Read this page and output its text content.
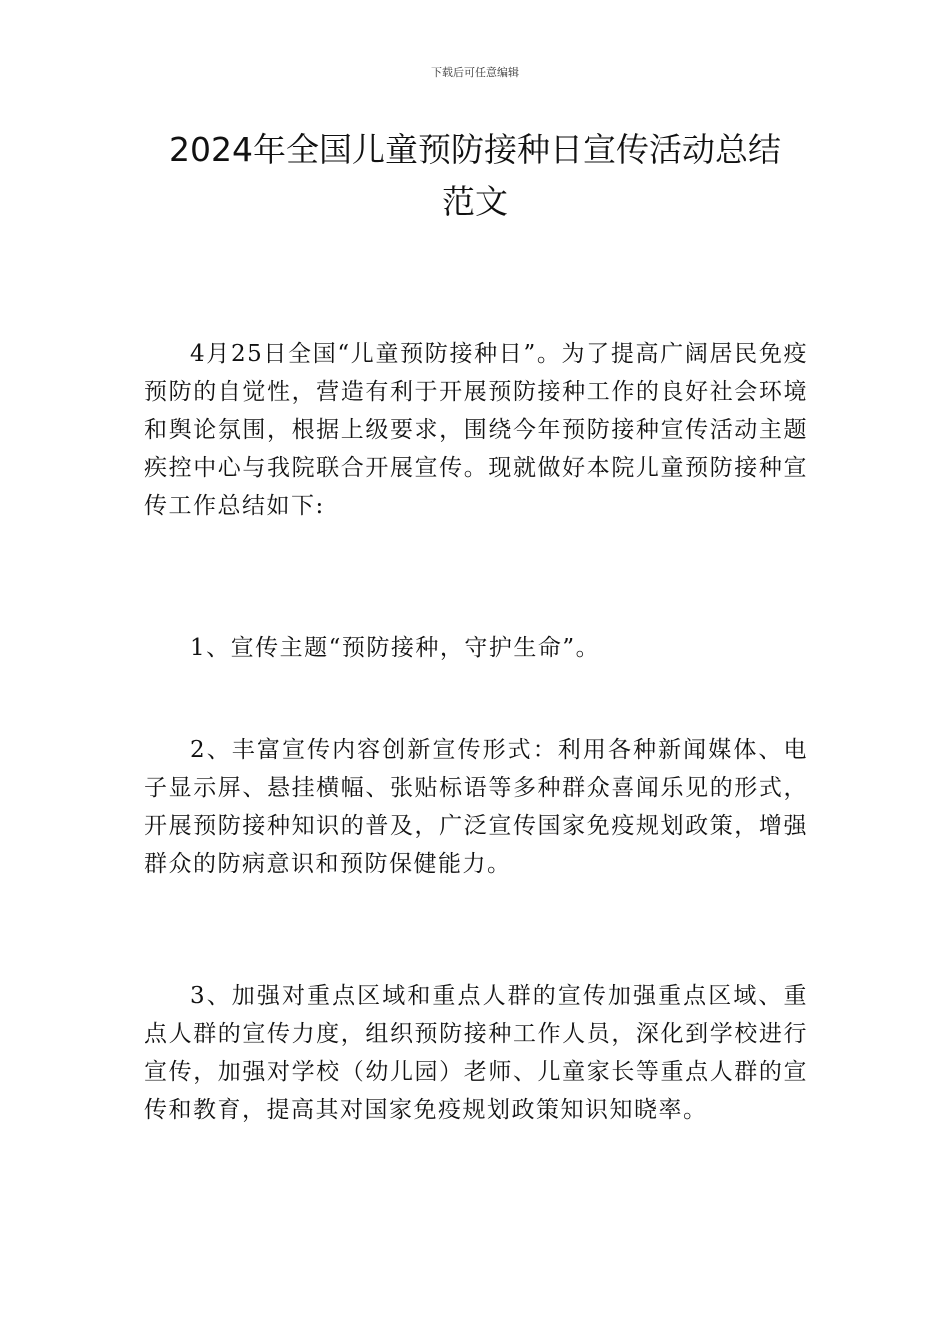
下载后可任意编辑
2024年全国儿童预防接种日宣传活动总结
范文

4月25日全国“儿童预防接种日”。为了提高广阔居民免疫预防的自觉性，营造有利于开展预防接种工作的良好社会环境和舆论氛围，根据上级要求，围绕今年预防接种宣传活动主题疾控中心与我院联合开展宣传。现就做好本院儿童预防接种宣传工作总结如下:

1、宣传主题“预防接种，守护生命”。

2、丰富宣传内容创新宣传形式：利用各种新闻媒体、电子显示屏、悬挂横幅、张贴标语等多种群众喜闻乐见的形式，开展预防接种知识的普及，广泛宣传国家免疫规划政策，增强群众的防病意识和预防保健能力。

3、加强对重点区域和重点人群的宣传加强重点区域、重点人群的宣传力度，组织预防接种工作人员，深化到学校进行宣传，加强对学校（幼儿园）老师、儿童家长等重点人群的宣传和教育，提高其对国家免疫规划政策知识知晓率。
